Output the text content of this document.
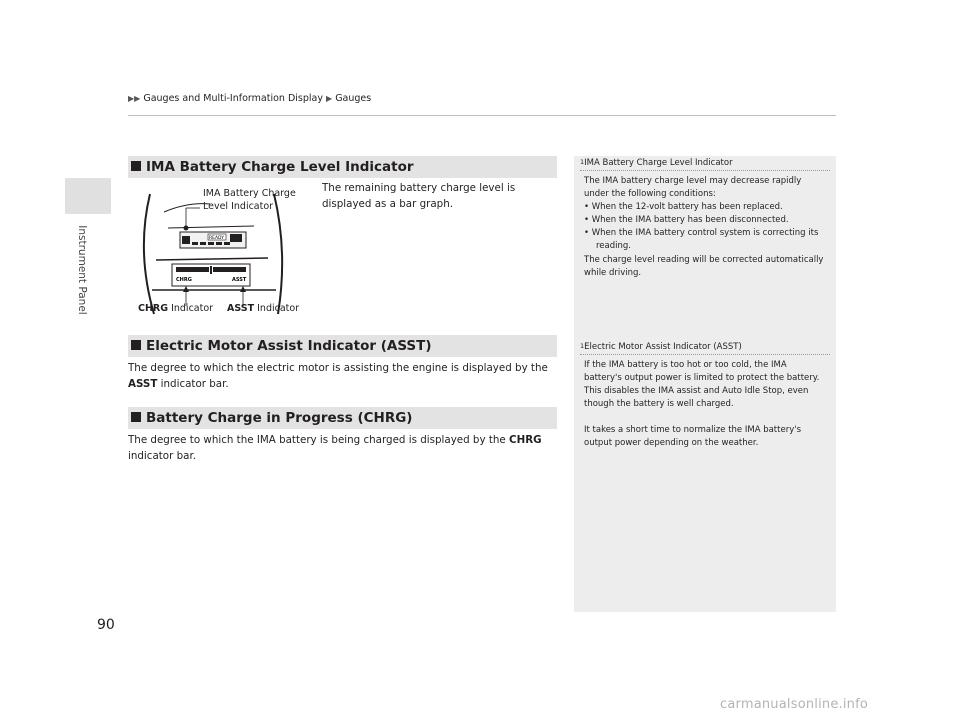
Instrument Panel
▶▶ Gauges and Multi-Information Display ▶ Gauges
IMA Battery Charge Level Indicator
READY
CHRG	ASST
IMA Battery Charge
Level Indicator
CHRG Indicator ASST Indicator
The remaining battery charge level is displayed as a bar graph.
Electric Motor Assist Indicator (ASST)
The degree to which the electric motor is assisting the engine is displayed by the ASST indicator bar.
Battery Charge in Progress (CHRG)
The degree to which the IMA battery is being charged is displayed by the CHRG indicator bar.
$^1$IMA Battery Charge Level Indicator
The IMA battery charge level may decrease rapidly under the following conditions:
• When the 12-volt battery has been replaced.
• When the IMA battery has been disconnected.
• When the IMA battery control system is correcting its reading.
The charge level reading will be corrected automatically while driving.
$^1$Electric Motor Assist Indicator (ASST)
If the IMA battery is too hot or too cold, the IMA battery's output power is limited to protect the battery. This disables the IMA assist and Auto Idle Stop, even though the battery is well charged.
It takes a short time to normalize the IMA battery's output power depending on the weather.
90
carmanualsonline.info
